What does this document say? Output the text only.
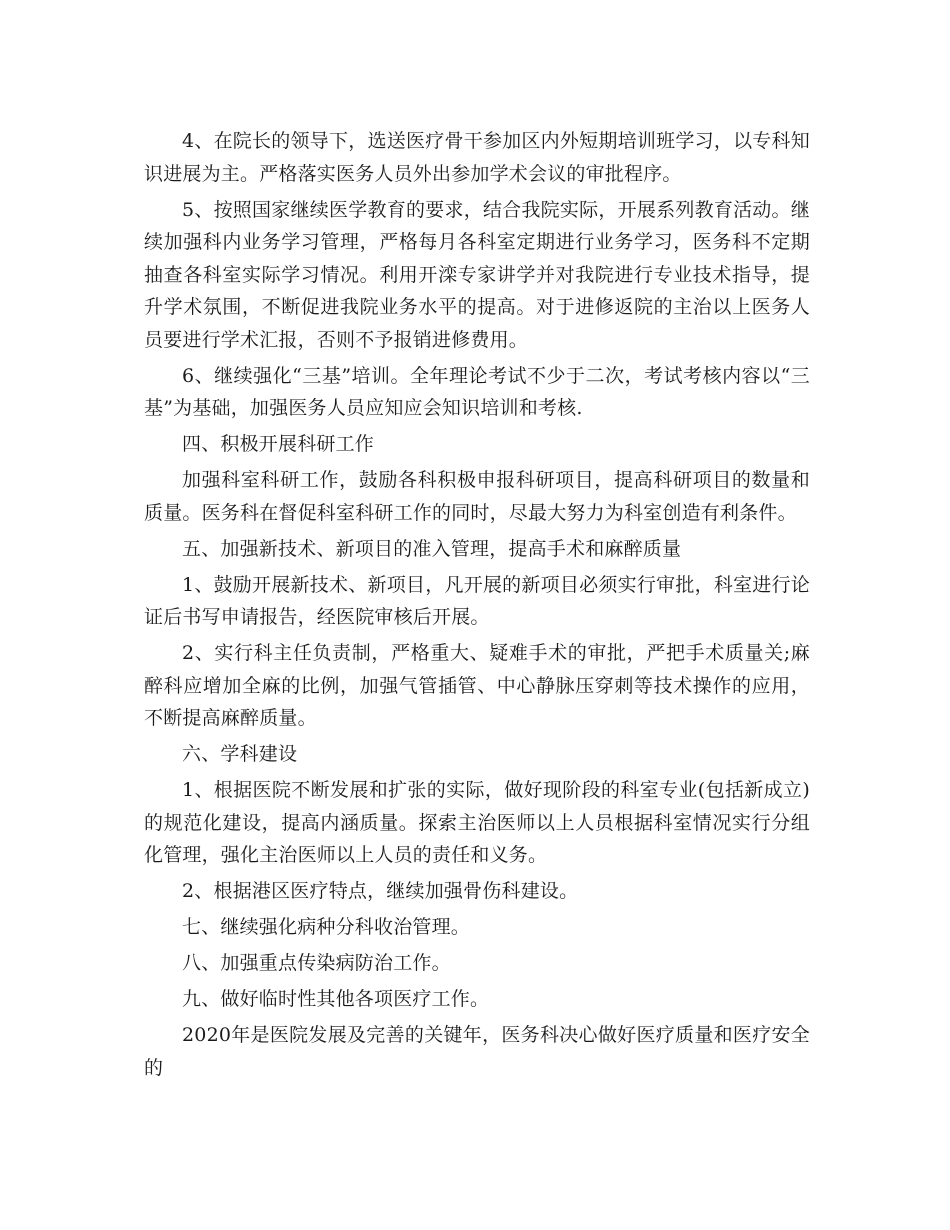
4、在院长的领导下，选送医疗骨干参加区内外短期培训班学习，以专科知识进展为主。严格落实医务人员外出参加学术会议的审批程序。

5、按照国家继续医学教育的要求，结合我院实际，开展系列教育活动。继续加强科内业务学习管理，严格每月各科室定期进行业务学习，医务科不定期抽查各科室实际学习情况。利用开滦专家讲学并对我院进行专业技术指导，提升学术氛围，不断促进我院业务水平的提高。对于进修返院的主治以上医务人员要进行学术汇报，否则不予报销进修费用。

6、继续强化“三基”培训。全年理论考试不少于二次，考试考核内容以“三基”为基础，加强医务人员应知应会知识培训和考核.

四、积极开展科研工作

加强科室科研工作，鼓励各科积极申报科研项目，提高科研项目的数量和质量。医务科在督促科室科研工作的同时，尽最大努力为科室创造有利条件。

五、加强新技术、新项目的准入管理，提高手术和麻醉质量

1、鼓励开展新技术、新项目，凡开展的新项目必须实行审批，科室进行论证后书写申请报告，经医院审核后开展。

2、实行科主任负责制，严格重大、疑难手术的审批，严把手术质量关;麻醉科应增加全麻的比例，加强气管插管、中心静脉压穿刺等技术操作的应用，不断提高麻醉质量。

六、学科建设

1、根据医院不断发展和扩张的实际，做好现阶段的科室专业(包括新成立)的规范化建设，提高内涵质量。探索主治医师以上人员根据科室情况实行分组化管理，强化主治医师以上人员的责任和义务。

2、根据港区医疗特点，继续加强骨伤科建设。

七、继续强化病种分科收治管理。

八、加强重点传染病防治工作。

九、做好临时性其他各项医疗工作。

2020年是医院发展及完善的关键年，医务科决心做好医疗质量和医疗安全的
